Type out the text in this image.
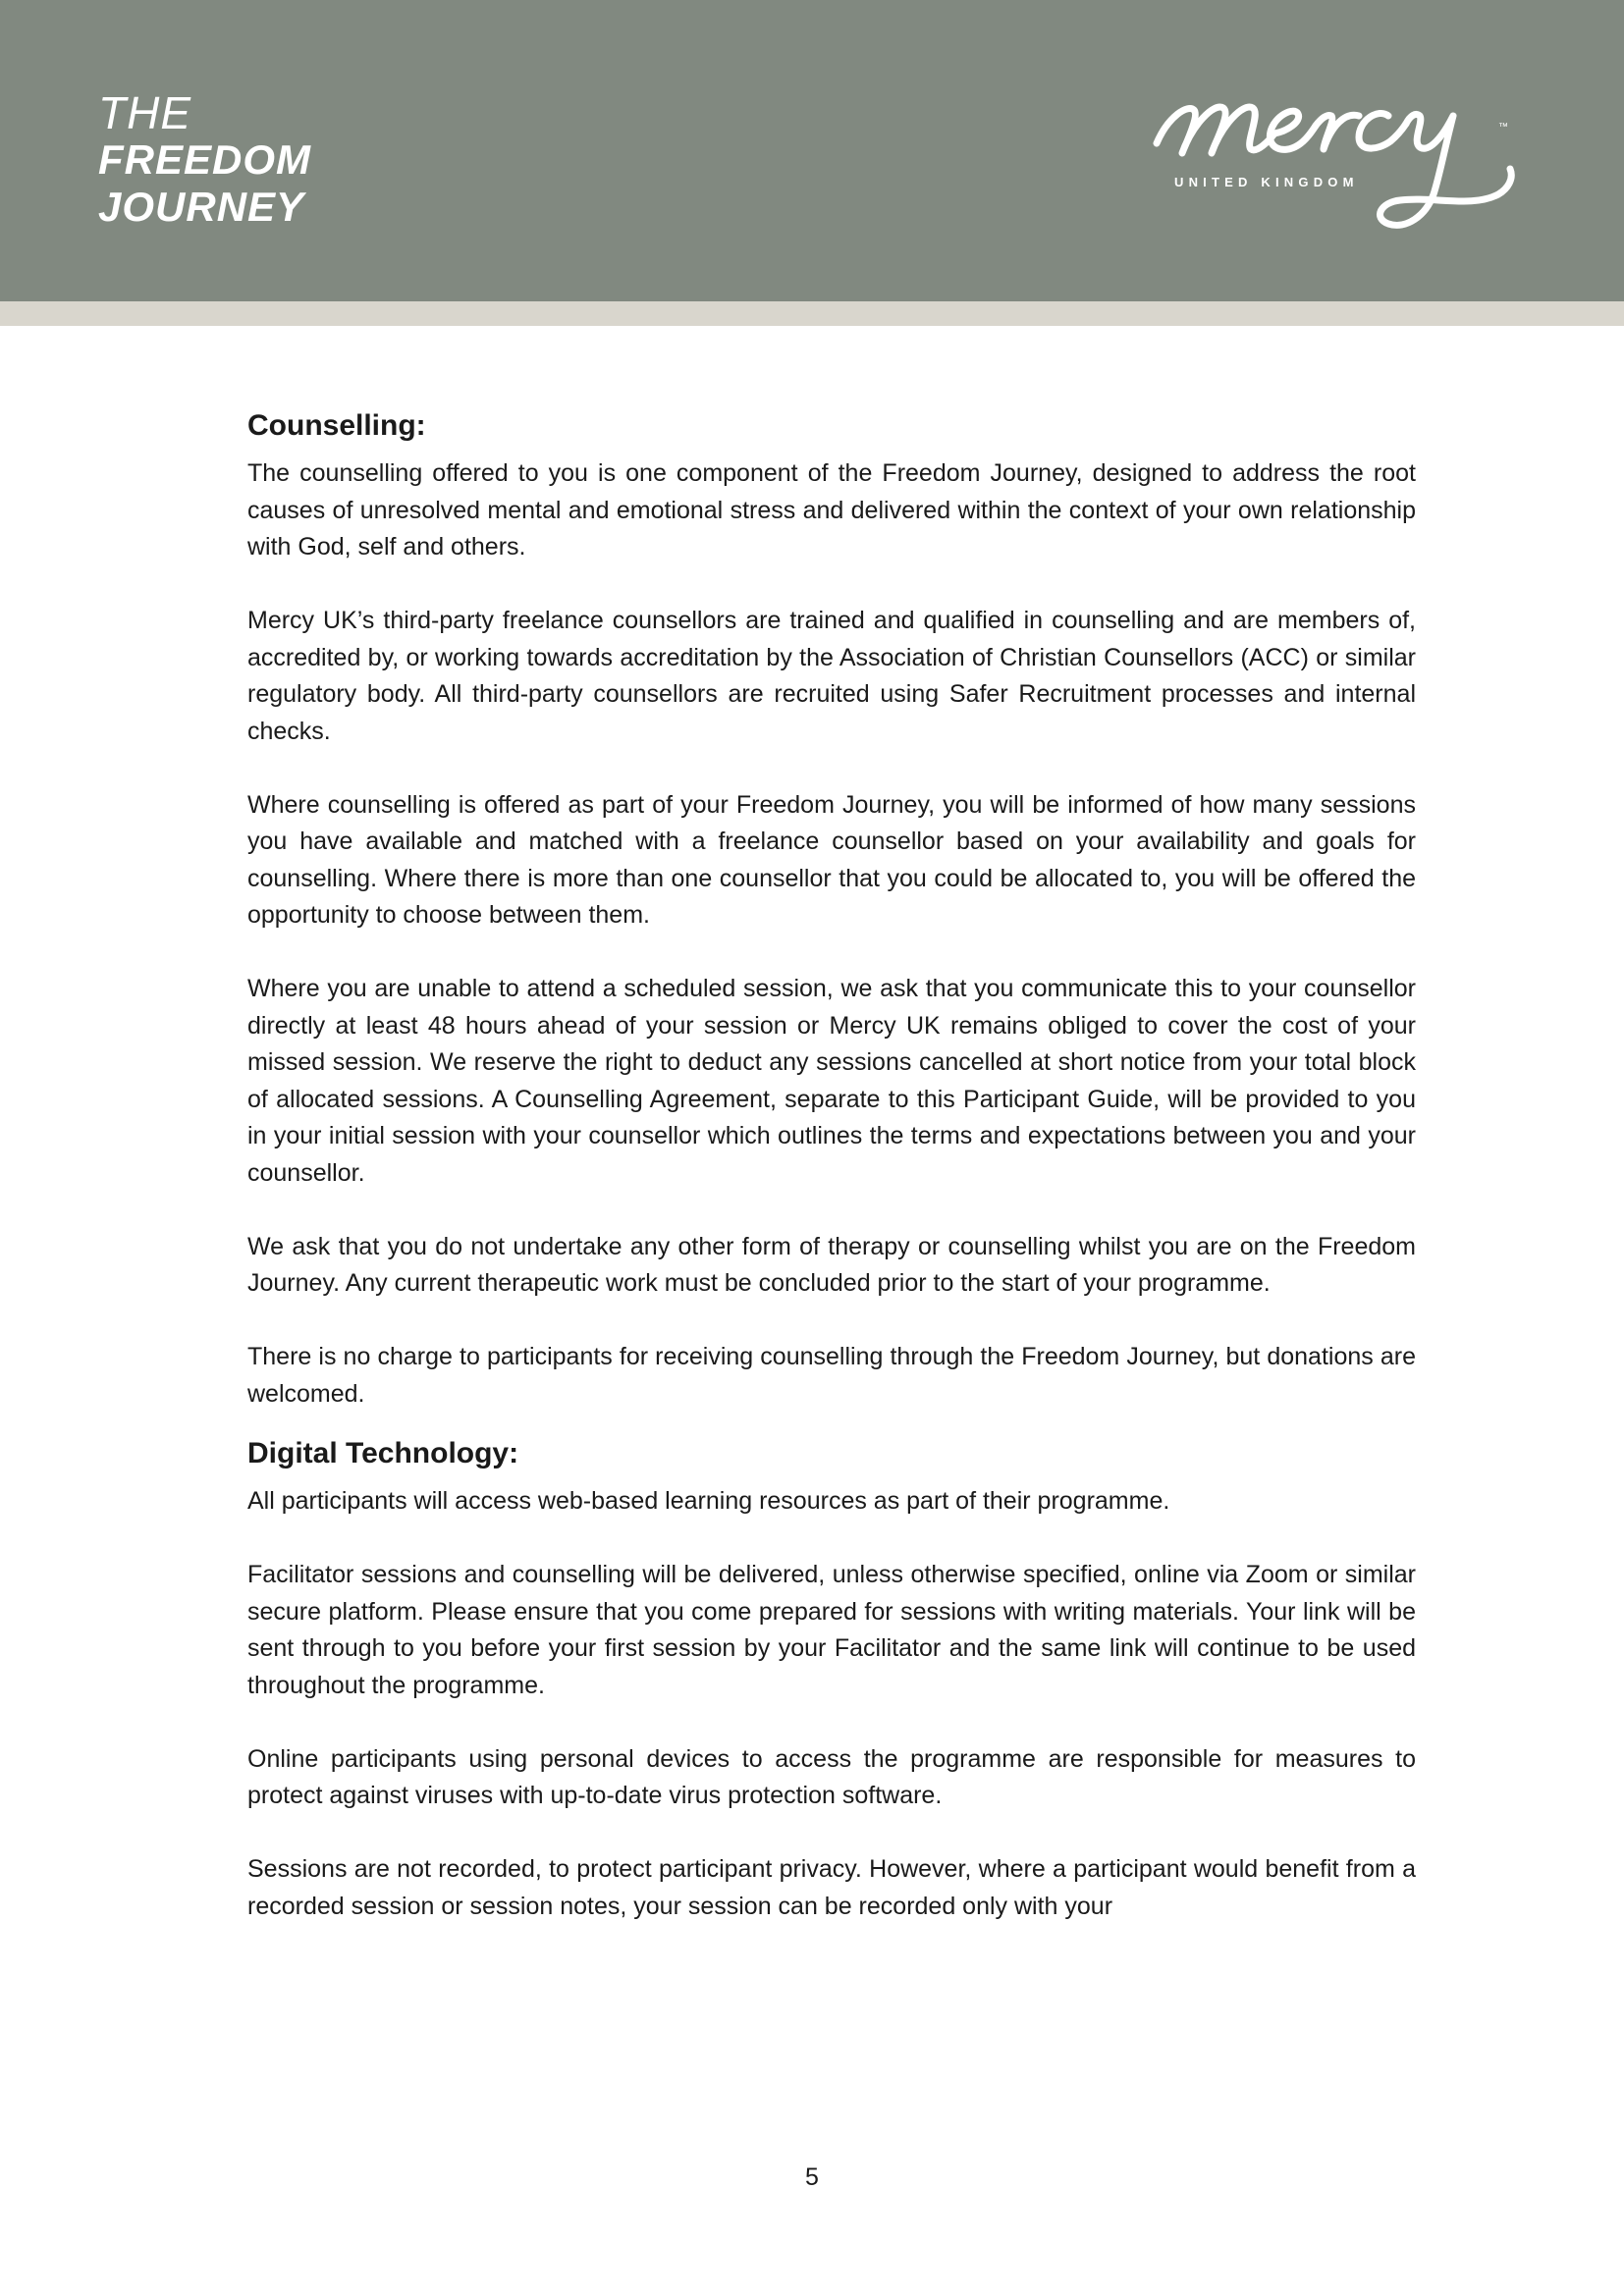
THE
FREEDOM
JOURNEY
™
UNITED KINGDOM
Counselling:

The counselling offered to you is one component of the Freedom Journey, designed to address the root causes of unresolved mental and emotional stress and delivered within the context of your own relationship with God, self and others.

Mercy UK’s third-party freelance counsellors are trained and qualified in counselling and are members of, accredited by, or working towards accreditation by the Association of Christian Counsellors (ACC) or similar regulatory body. All third-party counsellors are recruited using Safer Recruitment processes and internal checks.

Where counselling is offered as part of your Freedom Journey, you will be informed of how many sessions you have available and matched with a freelance counsellor based on your availability and goals for counselling. Where there is more than one counsellor that you could be allocated to, you will be offered the opportunity to choose between them.

Where you are unable to attend a scheduled session, we ask that you communicate this to your counsellor directly at least 48 hours ahead of your session or Mercy UK remains obliged to cover the cost of your missed session. We reserve the right to deduct any sessions cancelled at short notice from your total block of allocated sessions. A Counselling Agreement, separate to this Participant Guide, will be provided to you in your initial session with your counsellor which outlines the terms and expectations between you and your counsellor.

We ask that you do not undertake any other form of therapy or counselling whilst you are on the Freedom Journey. Any current therapeutic work must be concluded prior to the start of your programme.

There is no charge to participants for receiving counselling through the Freedom Journey, but donations are welcomed.

Digital Technology:

All participants will access web-based learning resources as part of their programme.

Facilitator sessions and counselling will be delivered, unless otherwise specified, online via Zoom or similar secure platform. Please ensure that you come prepared for sessions with writing materials. Your link will be sent through to you before your first session by your Facilitator and the same link will continue to be used throughout the programme.

Online participants using personal devices to access the programme are responsible for measures to protect against viruses with up-to-date virus protection software.

Sessions are not recorded, to protect participant privacy. However, where a participant would benefit from a recorded session or session notes, your session can be recorded only with your

5
